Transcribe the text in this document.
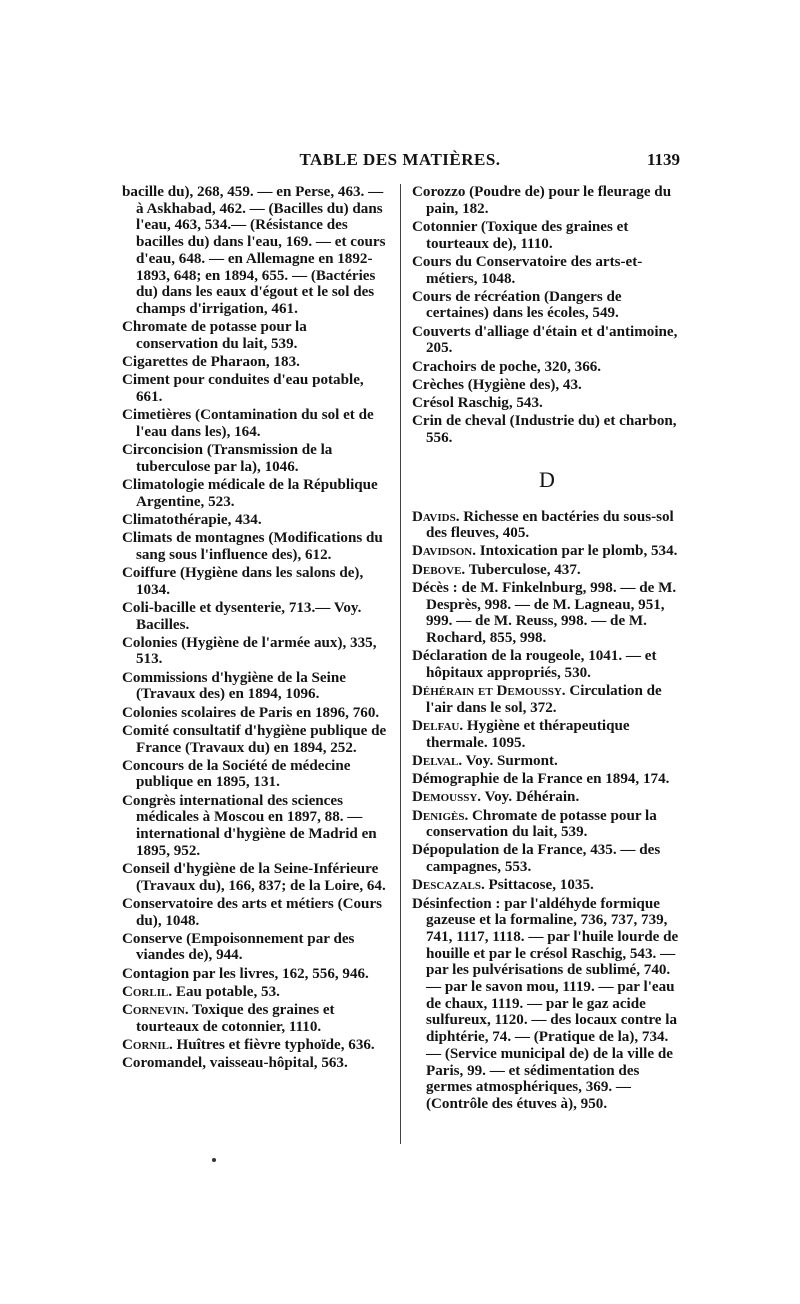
TABLE DES MATIÈRES.	1139
bacille du), 268, 459. — en Perse, 463. — à Askhabad, 462. — (Bacilles du) dans l'eau, 463, 534.— (Résistance des bacilles du) dans l'eau, 169. — et cours d'eau, 648. — en Allemagne en 1892-1893, 648; en 1894, 655. — (Bactéries du) dans les eaux d'égout et le sol des champs d'irrigation, 461.
Chromate de potasse pour la conservation du lait, 539.
Cigarettes de Pharaon, 183.
Ciment pour conduites d'eau potable, 661.
Cimetières (Contamination du sol et de l'eau dans les), 164.
Circoncision (Transmission de la tuberculose par la), 1046.
Climatologie médicale de la République Argentine, 523.
Climatothérapie, 434.
Climats de montagnes (Modifications du sang sous l'influence des), 612.
Coiffure (Hygiène dans les salons de), 1034.
Coli-bacille et dysenterie, 713.— Voy. Bacilles.
Colonies (Hygiène de l'armée aux), 335, 513.
Commissions d'hygiène de la Seine (Travaux des) en 1894, 1096.
Colonies scolaires de Paris en 1896, 760.
Comité consultatif d'hygiène publique de France (Travaux du) en 1894, 252.
Concours de la Société de médecine publique en 1895, 131.
Congrès international des sciences médicales à Moscou en 1897, 88. — international d'hygiène de Madrid en 1895, 952.
Conseil d'hygiène de la Seine-Inférieure (Travaux du), 166, 837; de la Loire, 64.
Conservatoire des arts et métiers (Cours du), 1048.
Conserve (Empoisonnement par des viandes de), 944.
Contagion par les livres, 162, 556, 946.
Corlil. Eau potable, 53.
Cornevin. Toxique des graines et tourteaux de cotonnier, 1110.
Cornil. Huîtres et fièvre typhoïde, 636.
Coromandel, vaisseau-hôpital, 563.
Corozzo (Poudre de) pour le fleurage du pain, 182.
Cotonnier (Toxique des graines et tourteaux de), 1110.
Cours du Conservatoire des arts-et-métiers, 1048.
Cours de récréation (Dangers de certaines) dans les écoles, 549.
Couverts d'alliage d'étain et d'antimoine, 205.
Crachoirs de poche, 320, 366.
Crèches (Hygiène des), 43.
Crésol Raschig, 543.
Crin de cheval (Industrie du) et charbon, 556.
D
Davids. Richesse en bactéries du sous-sol des fleuves, 405.
Davidson. Intoxication par le plomb, 534.
Debove. Tuberculose, 437.
Décès : de M. Finkelnburg, 998. — de M. Desprès, 998. — de M. Lagneau, 951, 999. — de M. Reuss, 998. — de M. Rochard, 855, 998.
Déclaration de la rougeole, 1041. — et hôpitaux appropriés, 530.
Déhérain et Demoussy. Circulation de l'air dans le sol, 372.
Delfau. Hygiène et thérapeutique thermale. 1095.
Delval. Voy. Surmont.
Démographie de la France en 1894, 174.
Demoussy. Voy. Déhérain.
Denigès. Chromate de potasse pour la conservation du lait, 539.
Dépopulation de la France, 435. — des campagnes, 553.
Descazals. Psittacose, 1035.
Désinfection : par l'aldéhyde formique gazeuse et la formaline, 736, 737, 739, 741, 1117, 1118. — par l'huile lourde de houille et par le crésol Raschig, 543. — par les pulvérisations de sublimé, 740. — par le savon mou, 1119. — par l'eau de chaux, 1119. — par le gaz acide sulfureux, 1120. — des locaux contre la diphtérie, 74. — (Pratique de la), 734. — (Service municipal de) de la ville de Paris, 99. — et sédimentation des germes atmosphériques, 369. — (Contrôle des étuves à), 950.
